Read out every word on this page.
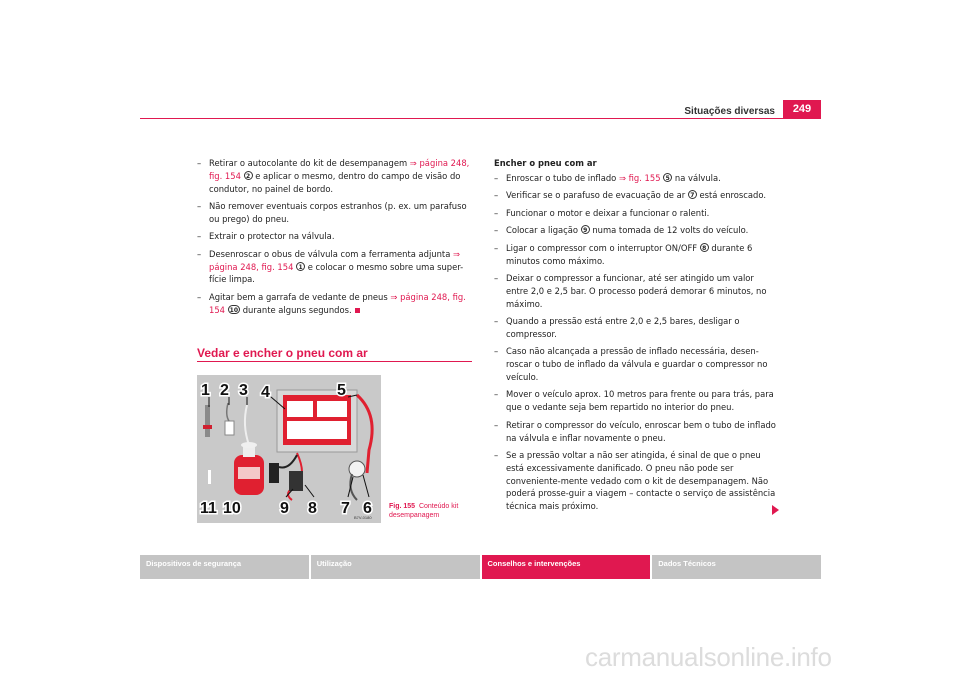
Situações diversas	249
– Retirar o autocolante do kit de desempanagem ⇒ página 248, fig. 154 2 e aplicar o mesmo, dentro do campo de visão do condutor, no painel de bordo.
– Não remover eventuais corpos estranhos (p. ex. um parafuso ou prego) do pneu.
– Extrair o protector na válvula.
– Desenroscar o obus de válvula com a ferramenta adjunta ⇒ página 248, fig. 154 1 e colocar o mesmo sobre uma super-fície limpa.
– Agitar bem a garrafa de vedante de pneus ⇒ página 248, fig. 154 10 durante alguns segundos.
Vedar e encher o pneu com ar
1 2 3 4	5
6
7
8
9
10
11
B7V-0180
Fig. 155 Conteúdo kit desempanagem
Encher o pneu com ar
– Enroscar o tubo de inflado ⇒ fig. 155 5 na válvula.
– Verificar se o parafuso de evacuação de ar 7 está enroscado.
– Funcionar o motor e deixar a funcionar o ralenti.
– Colocar a ligação 9 numa tomada de 12 volts do veículo.
– Ligar o compressor com o interruptor ON/OFF 8 durante 6 minutos como máximo.
– Deixar o compressor a funcionar, até ser atingido um valor entre 2,0 e 2,5 bar. O processo poderá demorar 6 minutos, no máximo.
– Quando a pressão está entre 2,0 e 2,5 bares, desligar o compressor.
– Caso não alcançada a pressão de inflado necessária, desen-roscar o tubo de inflado da válvula e guardar o compressor no veículo.
– Mover o veículo aprox. 10 metros para frente ou para trás, para que o vedante seja bem repartido no interior do pneu.
– Retirar o compressor do veículo, enroscar bem o tubo de inflado na válvula e inflar novamente o pneu.
– Se a pressão voltar a não ser atingida, é sinal de que o pneu está excessivamente danificado. O pneu não pode ser conveniente-mente vedado com o kit de desempanagem. Não poderá prosse-guir a viagem – contacte o serviço de assistência técnica mais próximo.
Dispositivos de segurança	Utilização	Conselhos e intervenções	Dados Técnicos
carmanualsonline.info
